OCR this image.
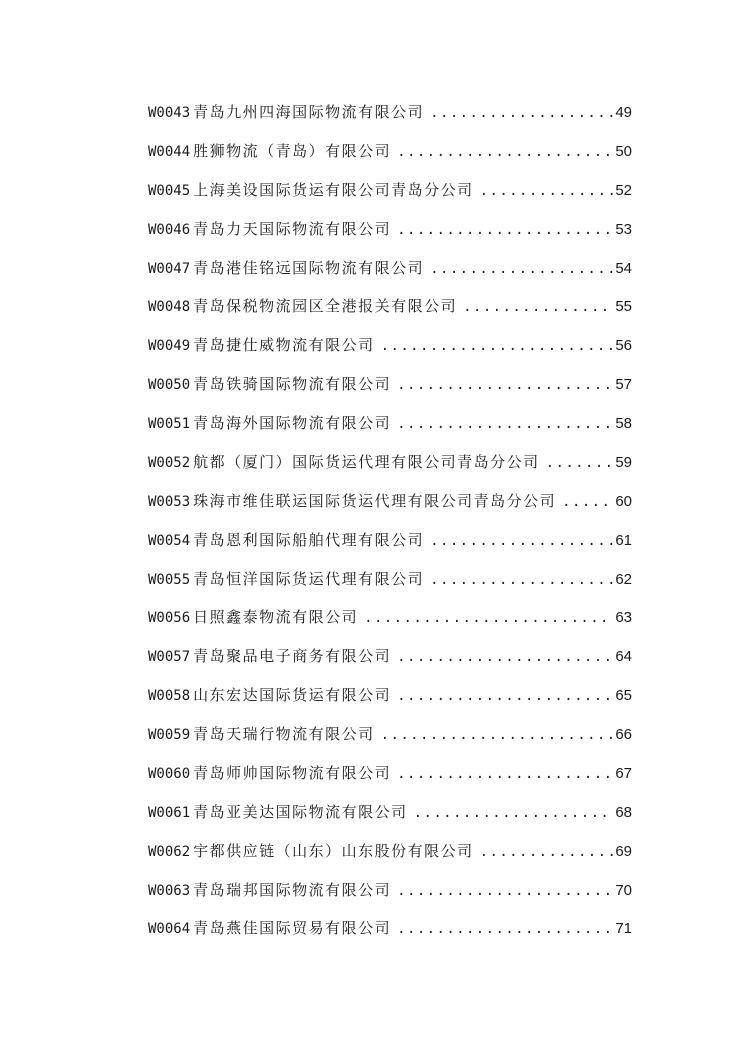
W0043 青岛九州四海国际物流有限公司 .....	49
W0044 胜狮物流（青岛）有限公司 .....	50
W0045 上海美设国际货运有限公司青岛分公司 .....	52
W0046 青岛力天国际物流有限公司 .....	53
W0047 青岛港佳铭远国际物流有限公司 .....	54
W0048 青岛保税物流园区全港报关有限公司 .....	55
W0049 青岛捷仕威物流有限公司 .....	56
W0050 青岛铁骑国际物流有限公司 .....	57
W0051 青岛海外国际物流有限公司 .....	58
W0052 航都（厦门）国际货运代理有限公司青岛分公司 .....	59
W0053 珠海市维佳联运国际货运代理有限公司青岛分公司 .....	60
W0054 青岛恩利国际船舶代理有限公司 .....	61
W0055 青岛恒洋国际货运代理有限公司 .....	62
W0056 日照鑫泰物流有限公司 .....	63
W0057 青岛聚品电子商务有限公司 .....	64
W0058 山东宏达国际货运有限公司 .....	65
W0059 青岛天瑞行物流有限公司 .....	66
W0060 青岛师帅国际物流有限公司 .....	67
W0061 青岛亚美达国际物流有限公司 .....	68
W0062 宇都供应链（山东）山东股份有限公司 .....	69
W0063 青岛瑞邦国际物流有限公司 .....	70
W0064 青岛燕佳国际贸易有限公司 .....	71
